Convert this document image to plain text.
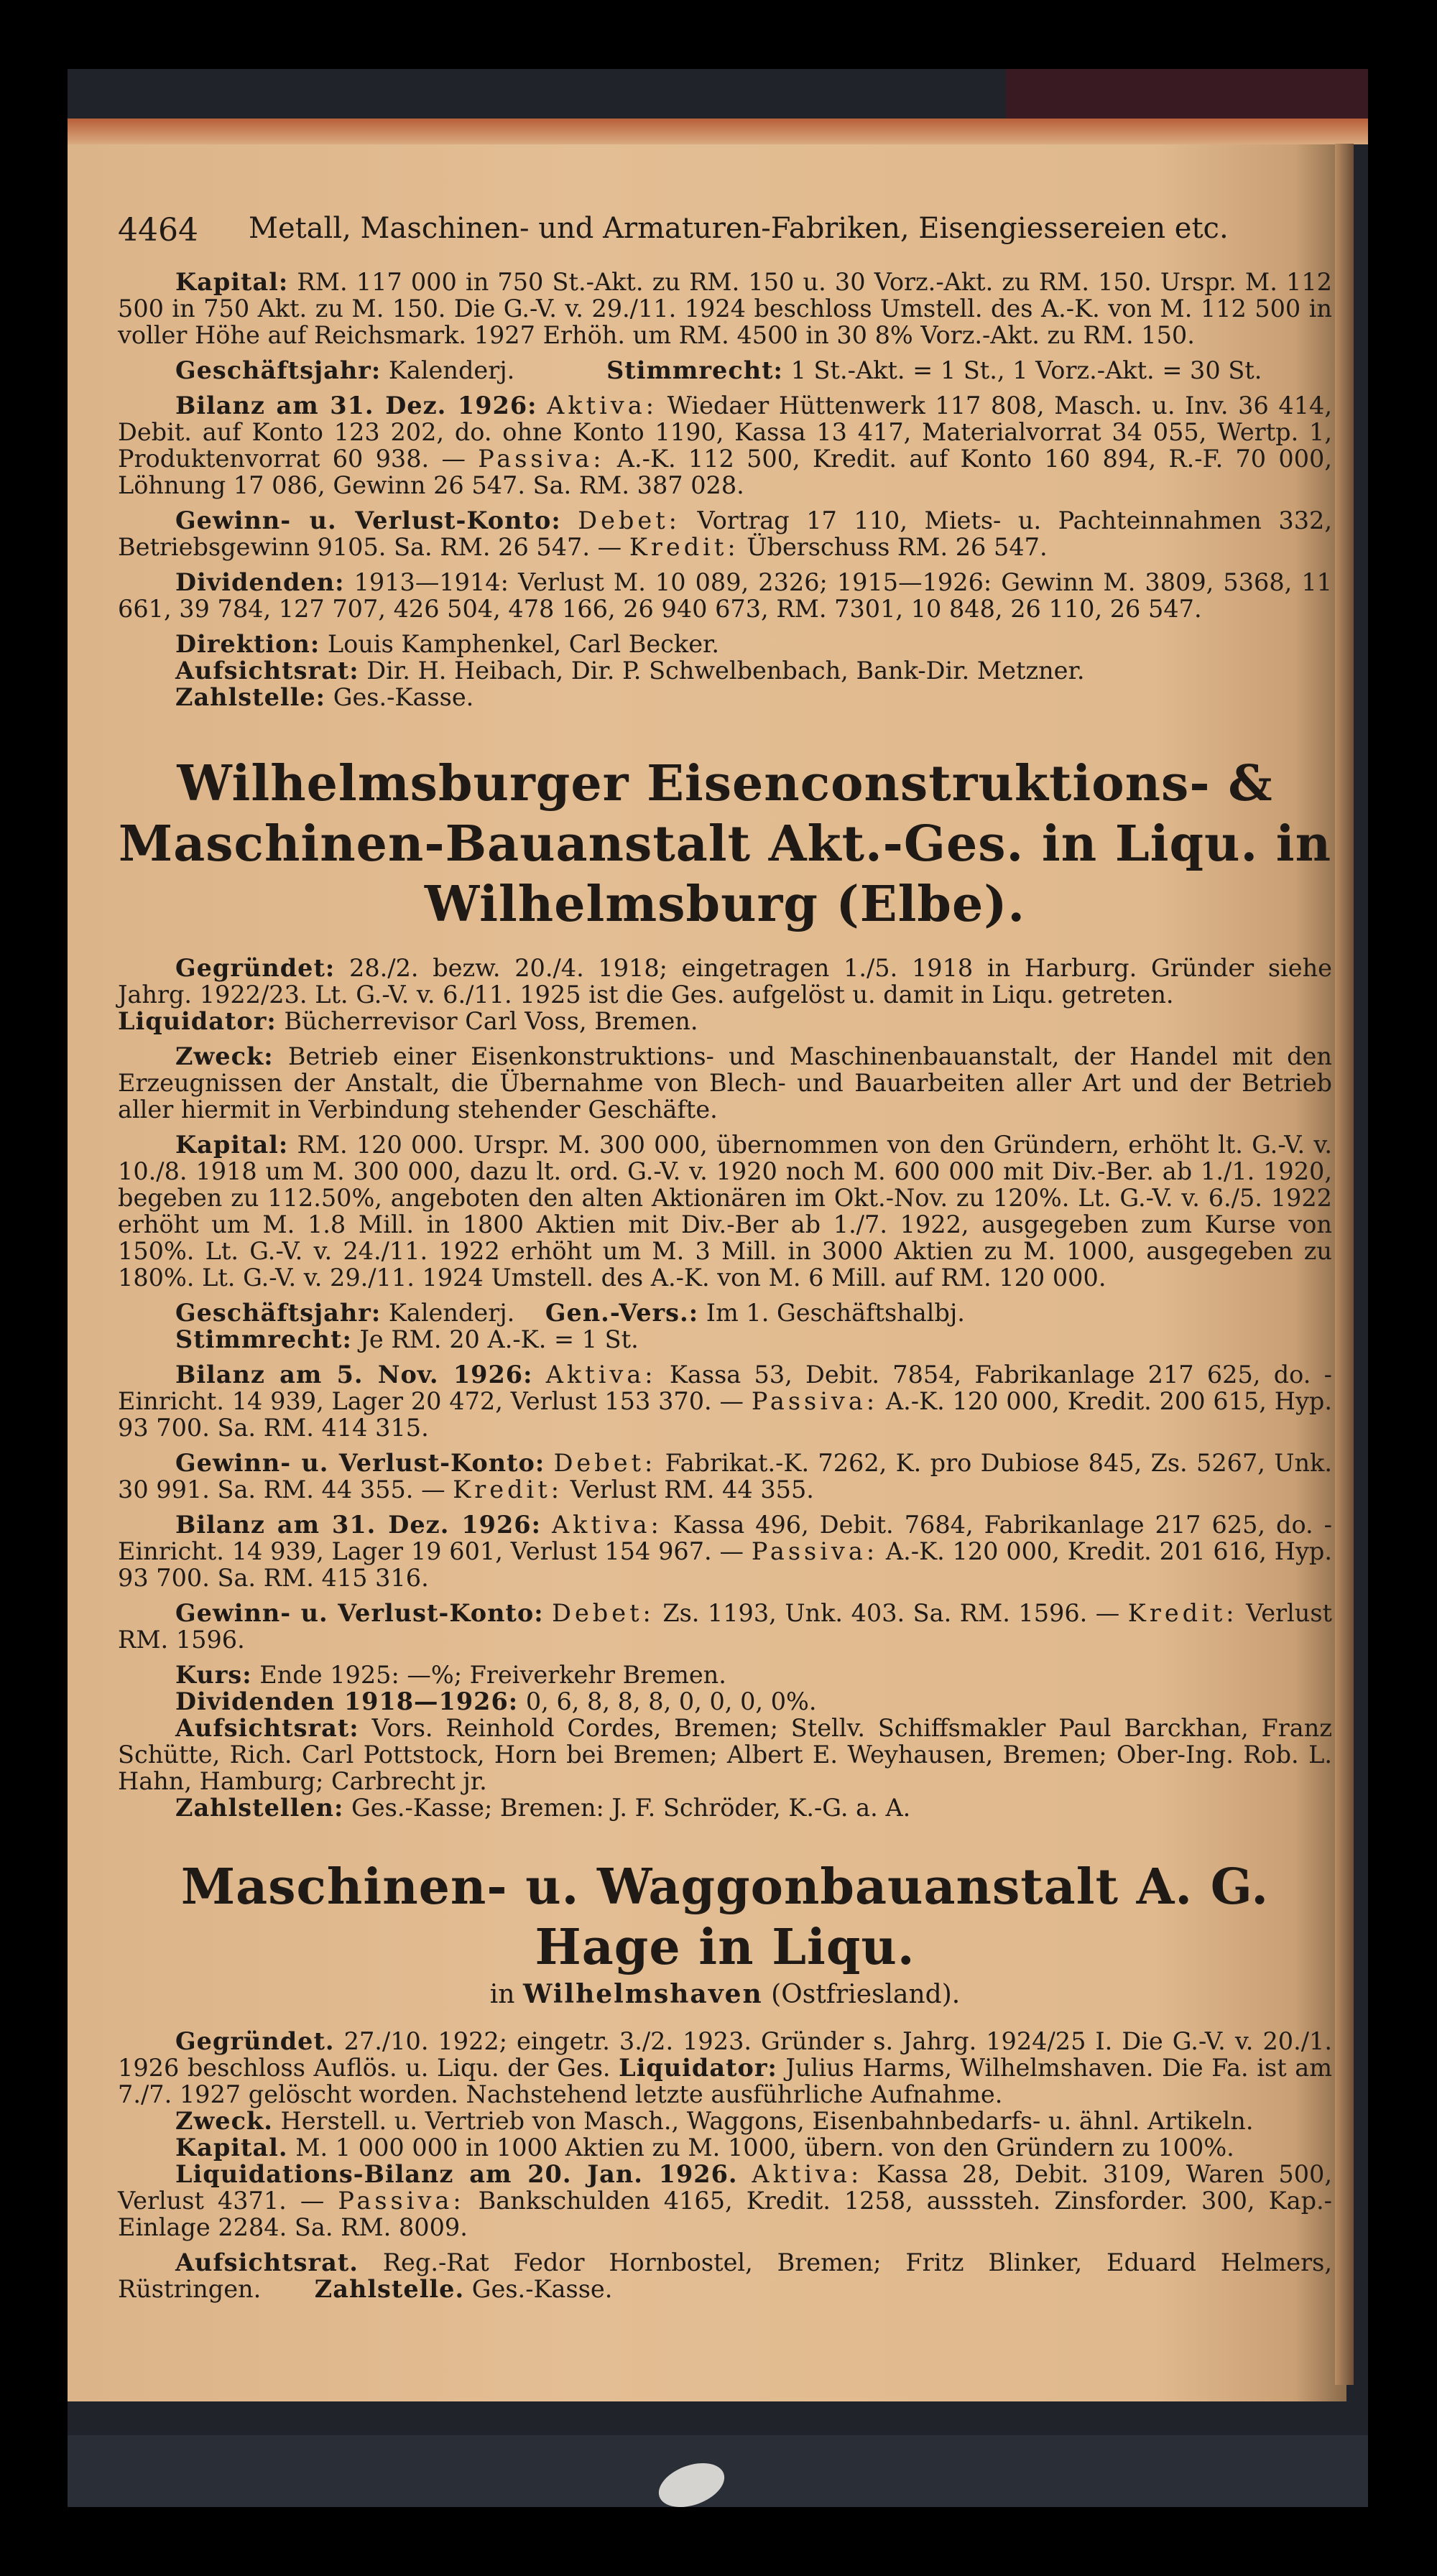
4464 Metall, Maschinen- und Armaturen-Fabriken, Eisengiessereien etc.

Kapital: RM. 117 000 in 750 St.-Akt. zu RM. 150 u. 30 Vorz.-Akt. zu RM. 150. Urspr. M. 112 500 in 750 Akt. zu M. 150. Die G.-V. v. 29./11. 1924 beschloss Umstell. des A.-K. von M. 112 500 in voller Höhe auf Reichsmark. 1927 Erhöh. um RM. 4500 in 30 8% Vorz.-Akt. zu RM. 150.

Geschäftsjahr: Kalenderj.	Stimmrecht: 1 St.-Akt. = 1 St., 1 Vorz.-Akt. = 30 St.

Bilanz am 31. Dez. 1926: Aktiva: Wiedaer Hüttenwerk 117 808, Masch. u. Inv. 36 414, Debit. auf Konto 123 202, do. ohne Konto 1190, Kassa 13 417, Materialvorrat 34 055, Wertp. 1, Produktenvorrat 60 938. — Passiva: A.-K. 112 500, Kredit. auf Konto 160 894, R.-F. 70 000, Löhnung 17 086, Gewinn 26 547. Sa. RM. 387 028.

Gewinn- u. Verlust-Konto: Debet: Vortrag 17 110, Miets- u. Pachteinnahmen 332, Betriebsgewinn 9105. Sa. RM. 26 547. — Kredit: Überschuss RM. 26 547.

Dividenden: 1913—1914: Verlust M. 10 089, 2326; 1915—1926: Gewinn M. 3809, 5368, 11 661, 39 784, 127 707, 426 504, 478 166, 26 940 673, RM. 7301, 10 848, 26 110, 26 547.

Direktion: Louis Kamphenkel, Carl Becker.

Aufsichtsrat: Dir. H. Heibach, Dir. P. Schwelbenbach, Bank-Dir. Metzner.

Zahlstelle: Ges.-Kasse.

Wilhelmsburger Eisenconstruktions- & Maschinen-Bauanstalt Akt.-Ges. in Liqu. in Wilhelmsburg (Elbe).

Gegründet: 28./2. bezw. 20./4. 1918; eingetragen 1./5. 1918 in Harburg. Gründer siehe Jahrg. 1922/23. Lt. G.-V. v. 6./11. 1925 ist die Ges. aufgelöst u. damit in Liqu. getreten.

Liquidator: Bücherrevisor Carl Voss, Bremen.

Zweck: Betrieb einer Eisenkonstruktions- und Maschinenbauanstalt, der Handel mit den Erzeugnissen der Anstalt, die Übernahme von Blech- und Bauarbeiten aller Art und der Betrieb aller hiermit in Verbindung stehender Geschäfte.

Kapital: RM. 120 000. Urspr. M. 300 000, übernommen von den Gründern, erhöht lt. G.-V. v. 10./8. 1918 um M. 300 000, dazu lt. ord. G.-V. v. 1920 noch M. 600 000 mit Div.-Ber. ab 1./1. 1920, begeben zu 112.50%, angeboten den alten Aktionären im Okt.-Nov. zu 120%. Lt. G.-V. v. 6./5. 1922 erhöht um M. 1.8 Mill. in 1800 Aktien mit Div.-Ber ab 1./7. 1922, ausgegeben zum Kurse von 150%. Lt. G.-V. v. 24./11. 1922 erhöht um M. 3 Mill. in 3000 Aktien zu M. 1000, ausgegeben zu 180%. Lt. G.-V. v. 29./11. 1924 Umstell. des A.-K. von M. 6 Mill. auf RM. 120 000.

Geschäftsjahr: Kalenderj. Gen.-Vers.: Im 1. Geschäftshalbj.

Stimmrecht: Je RM. 20 A.-K. = 1 St.

Bilanz am 5. Nov. 1926: Aktiva: Kassa 53, Debit. 7854, Fabrikanlage 217 625, do. -Einricht. 14 939, Lager 20 472, Verlust 153 370. — Passiva: A.-K. 120 000, Kredit. 200 615, Hyp. 93 700. Sa. RM. 414 315.

Gewinn- u. Verlust-Konto: Debet: Fabrikat.-K. 7262, K. pro Dubiose 845, Zs. 5267, Unk. 30 991. Sa. RM. 44 355. — Kredit: Verlust RM. 44 355.

Bilanz am 31. Dez. 1926: Aktiva: Kassa 496, Debit. 7684, Fabrikanlage 217 625, do. -Einricht. 14 939, Lager 19 601, Verlust 154 967. — Passiva: A.-K. 120 000, Kredit. 201 616, Hyp. 93 700. Sa. RM. 415 316.

Gewinn- u. Verlust-Konto: Debet: Zs. 1193, Unk. 403. Sa. RM. 1596. — Kredit: Verlust RM. 1596.

Kurs: Ende 1925: —%; Freiverkehr Bremen.

Dividenden 1918—1926: 0, 6, 8, 8, 8, 0, 0, 0, 0%.

Aufsichtsrat: Vors. Reinhold Cordes, Bremen; Stellv. Schiffsmakler Paul Barckhan, Franz Schütte, Rich. Carl Pottstock, Horn bei Bremen; Albert E. Weyhausen, Bremen; Ober-Ing. Rob. L. Hahn, Hamburg; Carbrecht jr.

Zahlstellen: Ges.-Kasse; Bremen: J. F. Schröder, K.-G. a. A.

Maschinen- u. Waggonbauanstalt A. G. Hage in Liqu.
in Wilhelmshaven (Ostfriesland).

Gegründet. 27./10. 1922; eingetr. 3./2. 1923. Gründer s. Jahrg. 1924/25 I. Die G.-V. v. 20./1. 1926 beschloss Auflös. u. Liqu. der Ges. Liquidator: Julius Harms, Wilhelmshaven. Die Fa. ist am 7./7. 1927 gelöscht worden. Nachstehend letzte ausführliche Aufnahme.

Zweck. Herstell. u. Vertrieb von Masch., Waggons, Eisenbahnbedarfs- u. ähnl. Artikeln.

Kapital. M. 1 000 000 in 1000 Aktien zu M. 1000, übern. von den Gründern zu 100%.

Liquidations-Bilanz am 20. Jan. 1926. Aktiva: Kassa 28, Debit. 3109, Waren 500, Verlust 4371. — Passiva: Bankschulden 4165, Kredit. 1258, ausssteh. Zinsforder. 300, Kap.-Einlage 2284. Sa. RM. 8009.

Aufsichtsrat. Reg.-Rat Fedor Hornbostel, Bremen; Fritz Blinker, Eduard Helmers, Rüstringen. Zahlstelle. Ges.-Kasse.
